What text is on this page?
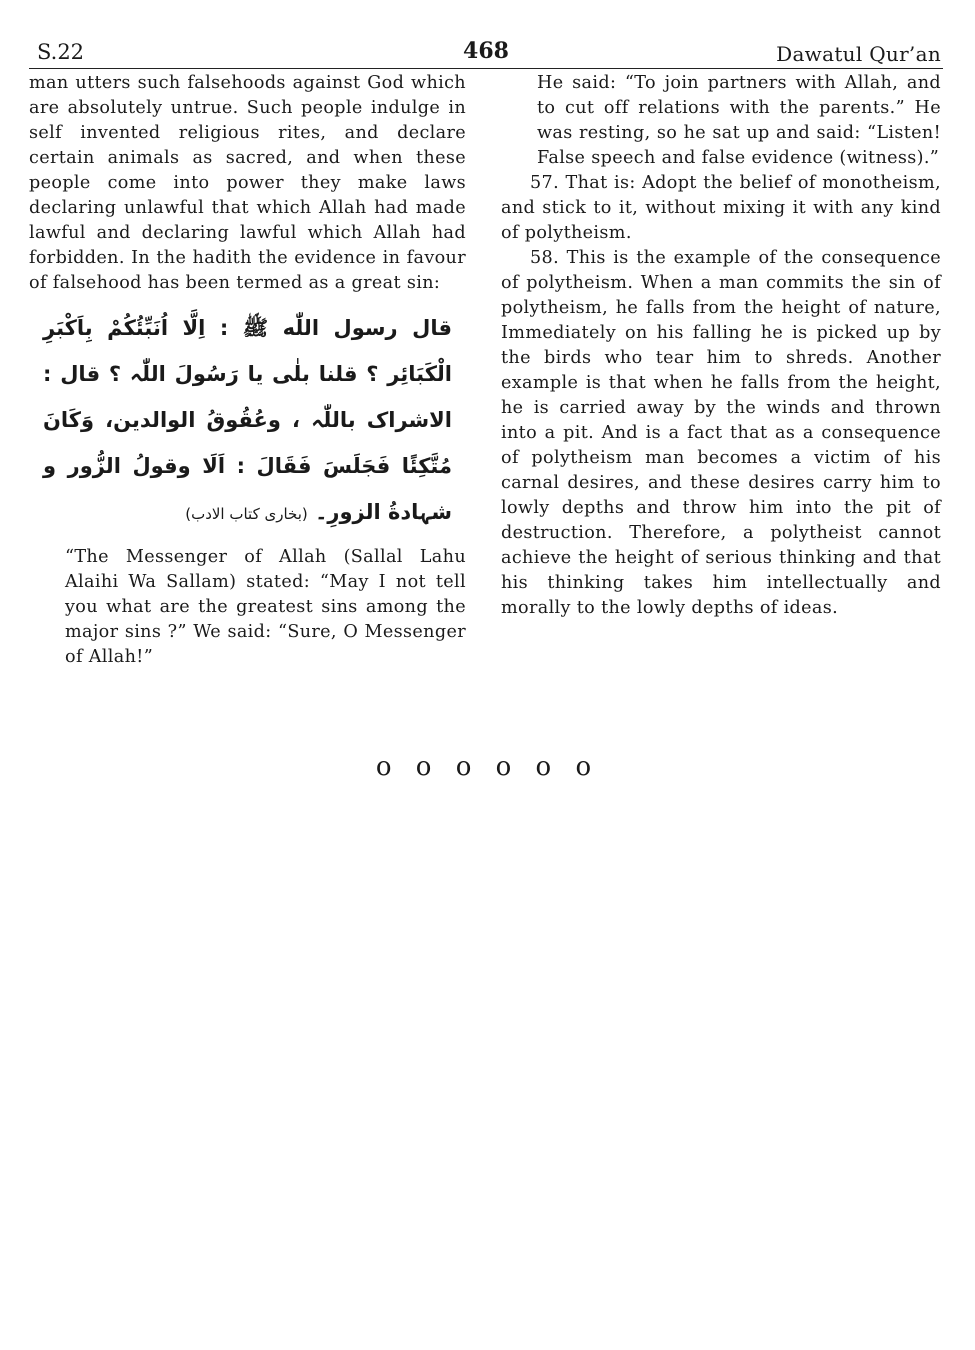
S.22	468	Dawatul Qur’an

man utters such falsehoods against God which are absolutely untrue. Such people indulge in self invented religious rites, and declare certain animals as sacred, and when these people come into power they make laws declaring unlawful that which Allah had made lawful and declaring lawful which Allah had forbidden. In the hadith the evidence in favour of falsehood has been termed as a great sin:

قال رسول اللّٰه ﷺ : اِلَّا اُنَبِّئُكُمْ بِاَكْبَرِ الْكَبَائِر ؟ قلنا بلٰی یا رَسُولَ اللّٰہ ؟ قال : الاشراک باللّٰہ ، وعُقُوقُ الوالدین، وَكَانَ مُتَّكِئًا فَجَلَسَ فَقَالَ : اَلَا وقولُ الزُّور و شہادةُ الزورِ۔ (بخاری کتاب الادب)

“The Messenger of Allah (Sallal Lahu Alaihi Wa Sallam) stated: “May I not tell you what are the greatest sins among the major sins ?” We said: “Sure, O Messenger of Allah!”

He said: “To join partners with Allah, and to cut off relations with the parents.” He was resting, so he sat up and said: “Listen! False speech and false evidence (witness).”

57. That is: Adopt the belief of monotheism, and stick to it, without mixing it with any kind of polytheism.

58. This is the example of the consequence of polytheism. When a man commits the sin of polytheism, he falls from the height of nature, Immediately on his falling he is picked up by the birds who tear him to shreds. Another example is that when he falls from the height, he is carried away by the winds and thrown into a pit. And is a fact that as a consequence of polytheism man becomes a victim of his carnal desires, and these desires carry him to lowly depths and throw him into the pit of destruction. Therefore, a polytheist cannot achieve the height of serious thinking and that his thinking takes him intellectually and morally to the lowly depths of ideas.

o o o o o o
